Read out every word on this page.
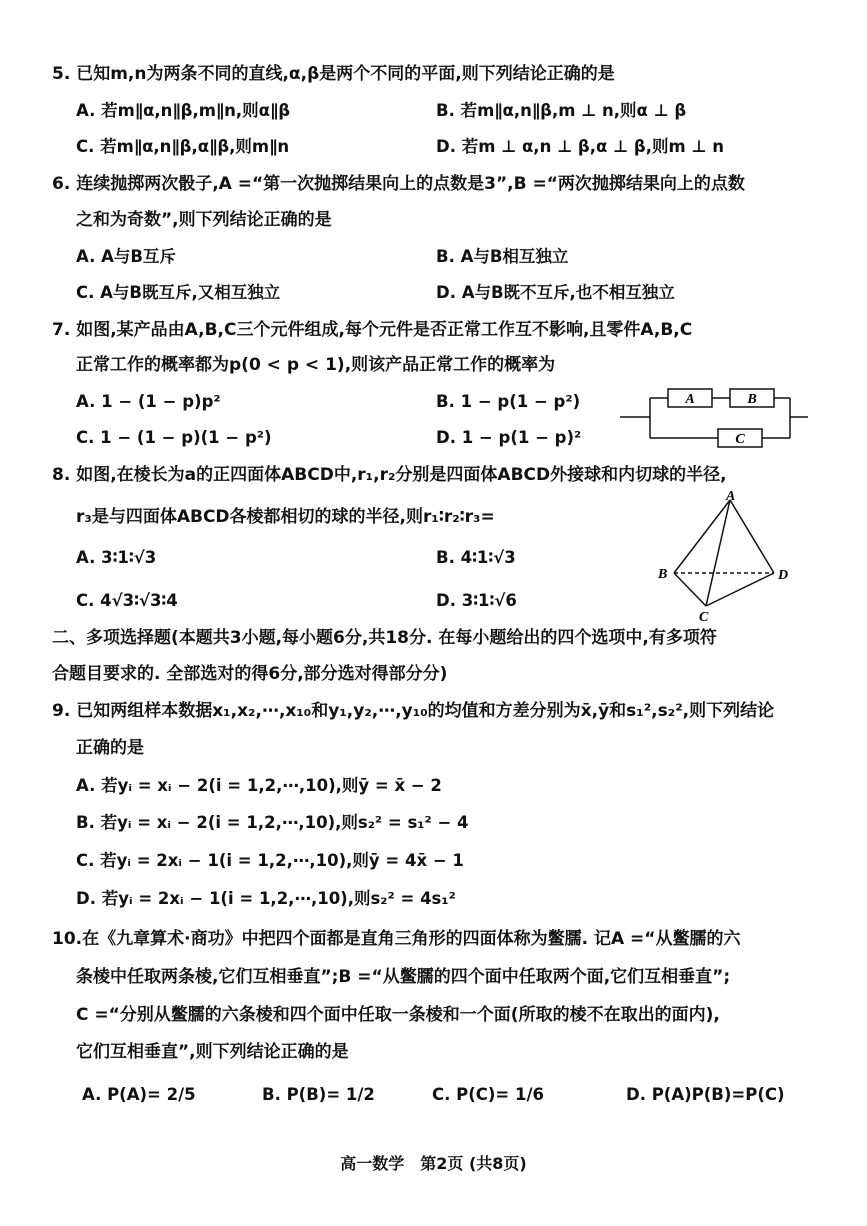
5. 已知m,n为两条不同的直线,α,β是两个不同的平面,则下列结论正确的是
A. 若m∥α,n∥β,m∥n,则α∥β	B. 若m∥α,n∥β,m ⊥ n,则α ⊥ β
C. 若m∥α,n∥β,α∥β,则m∥n	D. 若m ⊥ α,n ⊥ β,α ⊥ β,则m ⊥ n
6. 连续抛掷两次骰子,A =“第一次抛掷结果向上的点数是3”,B =“两次抛掷结果向上的点数
之和为奇数”,则下列结论正确的是
A. A与B互斥	B. A与B相互独立
C. A与B既互斥,又相互独立	D. A与B既不互斥,也不相互独立
7. 如图,某产品由A,B,C三个元件组成,每个元件是否正常工作互不影响,且零件A,B,C
正常工作的概率都为p(0 < p < 1),则该产品正常工作的概率为
A. 1 − (1 − p)p²	B. 1 − p(1 − p²)
C. 1 − (1 − p)(1 − p²)	D. 1 − p(1 − p)²
A	B
C
8. 如图,在棱长为a的正四面体ABCD中,r₁,r₂分别是四面体ABCD外接球和内切球的半径,
r₃是与四面体ABCD各棱都相切的球的半径,则r₁∶r₂∶r₃=
A. 3∶1∶√3	B. 4∶1∶√3
C. 4√3∶√3∶4	D. 3∶1∶√6
A
B
C
D
二、多项选择题(本题共3小题,每小题6分,共18分. 在每小题给出的四个选项中,有多项符
合题目要求的. 全部选对的得6分,部分选对得部分分)
9. 已知两组样本数据x₁,x₂,⋯,x₁₀和y₁,y₂,⋯,y₁₀的均值和方差分别为x̄,ȳ和s₁²,s₂²,则下列结论
正确的是
A. 若yᵢ = xᵢ − 2(i = 1,2,⋯,10),则ȳ = x̄ − 2
B. 若yᵢ = xᵢ − 2(i = 1,2,⋯,10),则s₂² = s₁² − 4
C. 若yᵢ = 2xᵢ − 1(i = 1,2,⋯,10),则ȳ = 4x̄ − 1
D. 若yᵢ = 2xᵢ − 1(i = 1,2,⋯,10),则s₂² = 4s₁²
10.在《九章算术·商功》中把四个面都是直角三角形的四面体称为鳖臑. 记A =“从鳖臑的六
条棱中任取两条棱,它们互相垂直”;B =“从鳖臑的四个面中任取两个面,它们互相垂直”;
C =“分别从鳖臑的六条棱和四个面中任取一条棱和一个面(所取的棱不在取出的面内),
它们互相垂直”,则下列结论正确的是
A. P(A)= 2/5	B. P(B)= 1/2	C. P(C)= 1/6	D. P(A)P(B)=P(C)
高一数学　第2页 (共8页)
